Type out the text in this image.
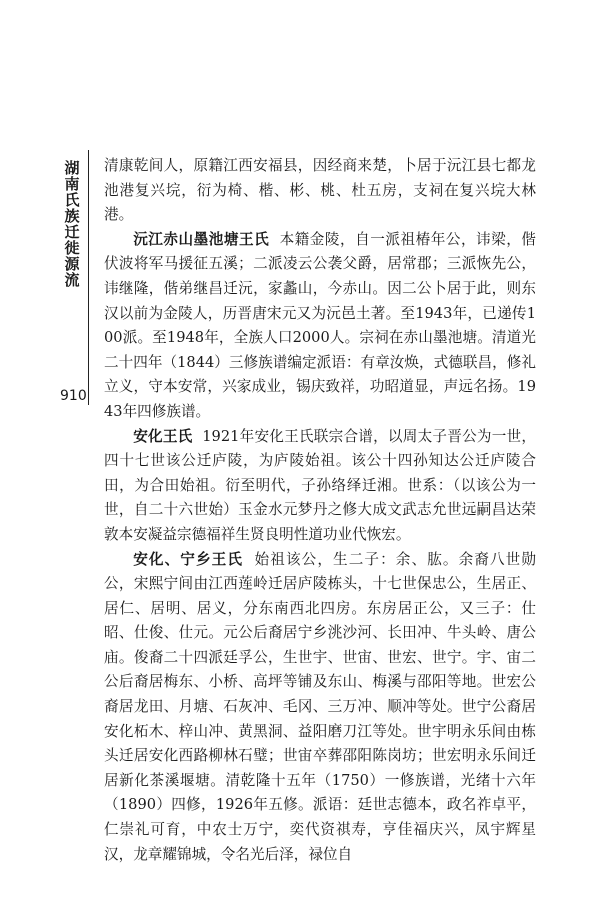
湖南氏族迁徙源流
910

清康乾间人，原籍江西安福县，因经商来楚，卜居于沅江县七都龙池港复兴垸，衍为椅、楷、彬、桃、杜五房，支祠在复兴垸大林港。

沅江赤山墨池塘王氏 本籍金陵，自一派祖椿年公，讳梁，偕伏波将军马援征五溪；二派凌云公袭父爵，居常郡；三派恢先公，讳继隆，偕弟继昌迁沅，家蠡山，今赤山。因二公卜居于此，则东汉以前为金陵人，历晋唐宋元又为沅邑土著。至1943年，已递传100派。至1948年，全族人口2000人。宗祠在赤山墨池塘。清道光二十四年（1844）三修族谱编定派语：有章汝焕，式德联昌，修礼立义，守本安常，兴家成业，锡庆致祥，功昭道显，声远名扬。1943年四修族谱。

安化王氏 1921年安化王氏联宗合谱，以周太子晋公为一世，四十七世该公迁庐陵，为庐陵始祖。该公十四孙知达公迁庐陵合田，为合田始祖。衍至明代，子孙络绎迁湘。世系：（以该公为一世，自二十六世始）玉金水元梦丹之修大成文武志允世远嗣昌达荣敦本安凝益宗德福祥生贤良明性道功业代恢宏。

安化、宁乡王氏 始祖该公，生二子：余、肱。余裔八世勋公，宋熙宁间由江西莲岭迁居庐陵栋头，十七世保忠公，生居正、居仁、居明、居义，分东南西北四房。东房居正公，又三子：仕昭、仕俊、仕元。元公后裔居宁乡洮沙河、长田冲、牛头岭、唐公庙。俊裔二十四派廷孚公，生世宇、世宙、世宏、世宁。宇、宙二公后裔居梅东、小桥、高坪等铺及东山、梅溪与邵阳等地。世宏公裔居龙田、月塘、石灰冲、毛冈、三万冲、顺冲等处。世宁公裔居安化柘木、梓山冲、黄黑洞、益阳磨刀江等处。世宇明永乐间由栋头迁居安化西路柳林石璧；世宙卒葬邵阳陈岗坊；世宏明永乐间迁居新化茶溪堰塘。清乾隆十五年（1750）一修族谱，光绪十六年（1890）四修，1926年五修。派语：廷世志德本，政名祚卓平，仁崇礼可育，中农士万宁，奕代资祺寿，亨佳福庆兴，凤宇辉星汉，龙章耀锦城，令名光后泽，禄位自
